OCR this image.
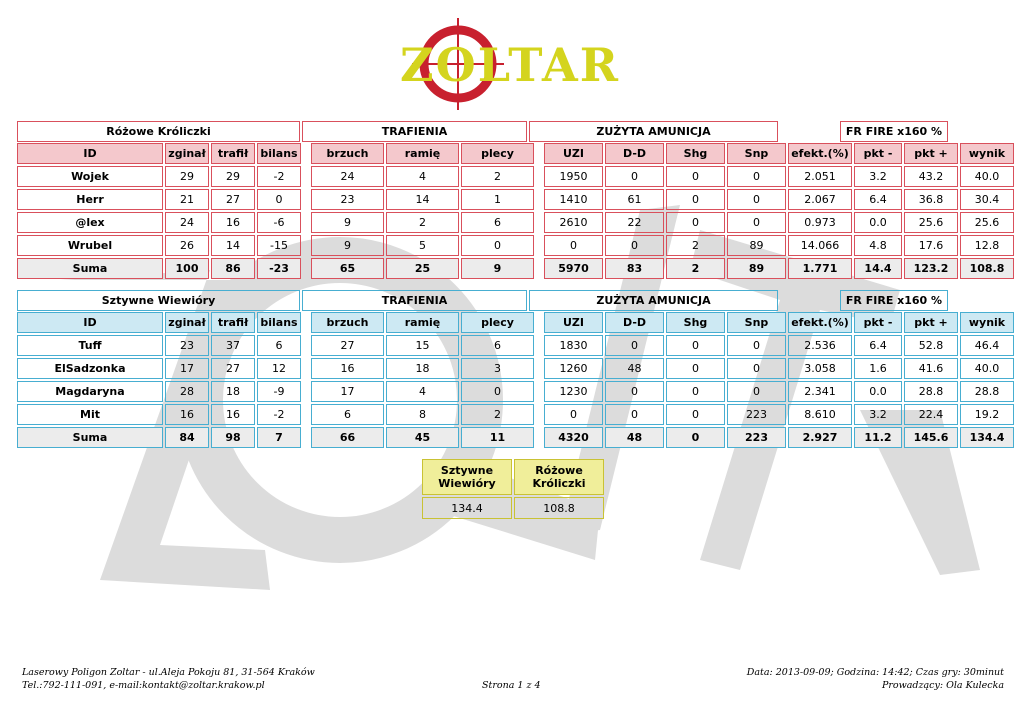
ZOLTAR
Różowe Króliczki	TRAFIENIA	ZUŻYTA AMUNICJA		FR FIRE x160 %
ID	zginał	trafił	bilans		brzuch	ramię	plecy		UZI	D-D	Shg	Snp	efekt.(%)	pkt -	pkt +	wynik
Wojek	29	29	-2		24	4	2		1950	0	0	0	2.051	3.2	43.2	40.0
Herr	21	27	0		23	14	1		1410	61	0	0	2.067	6.4	36.8	30.4
@lex	24	16	-6		9	2	6		2610	22	0	0	0.973	0.0	25.6	25.6
Wrubel	26	14	-15		9	5	0		0	0	2	89	14.066	4.8	17.6	12.8
Suma	100	86	-23		65	25	9		5970	83	2	89	1.771	14.4	123.2	108.8
Sztywne Wiewióry	TRAFIENIA	ZUŻYTA AMUNICJA		FR FIRE x160 %
ID	zginał	trafił	bilans		brzuch	ramię	plecy		UZI	D-D	Shg	Snp	efekt.(%)	pkt -	pkt +	wynik
Tuff	23	37	6		27	15	6		1830	0	0	0	2.536	6.4	52.8	46.4
ElSadzonka	17	27	12		16	18	3		1260	48	0	0	3.058	1.6	41.6	40.0
Magdaryna	28	18	-9		17	4	0		1230	0	0	0	2.341	0.0	28.8	28.8
Mit	16	16	-2		6	8	2		0	0	0	223	8.610	3.2	22.4	19.2
Suma	84	98	7		66	45	11		4320	48	0	223	2.927	11.2	145.6	134.4
Sztywne Wiewióry	Różowe Króliczki
134.4	108.8
Laserowy Poligon Zoltar - ul.Aleja Pokoju 81, 31-564 Kraków
Tel.:792-111-091, e-mail:kontakt@zoltar.krakow.pl	Strona 1 z 4
Data: 2013-09-09; Godzina: 14:42; Czas gry: 30minut
Prowadzący: Ola Kulecka
